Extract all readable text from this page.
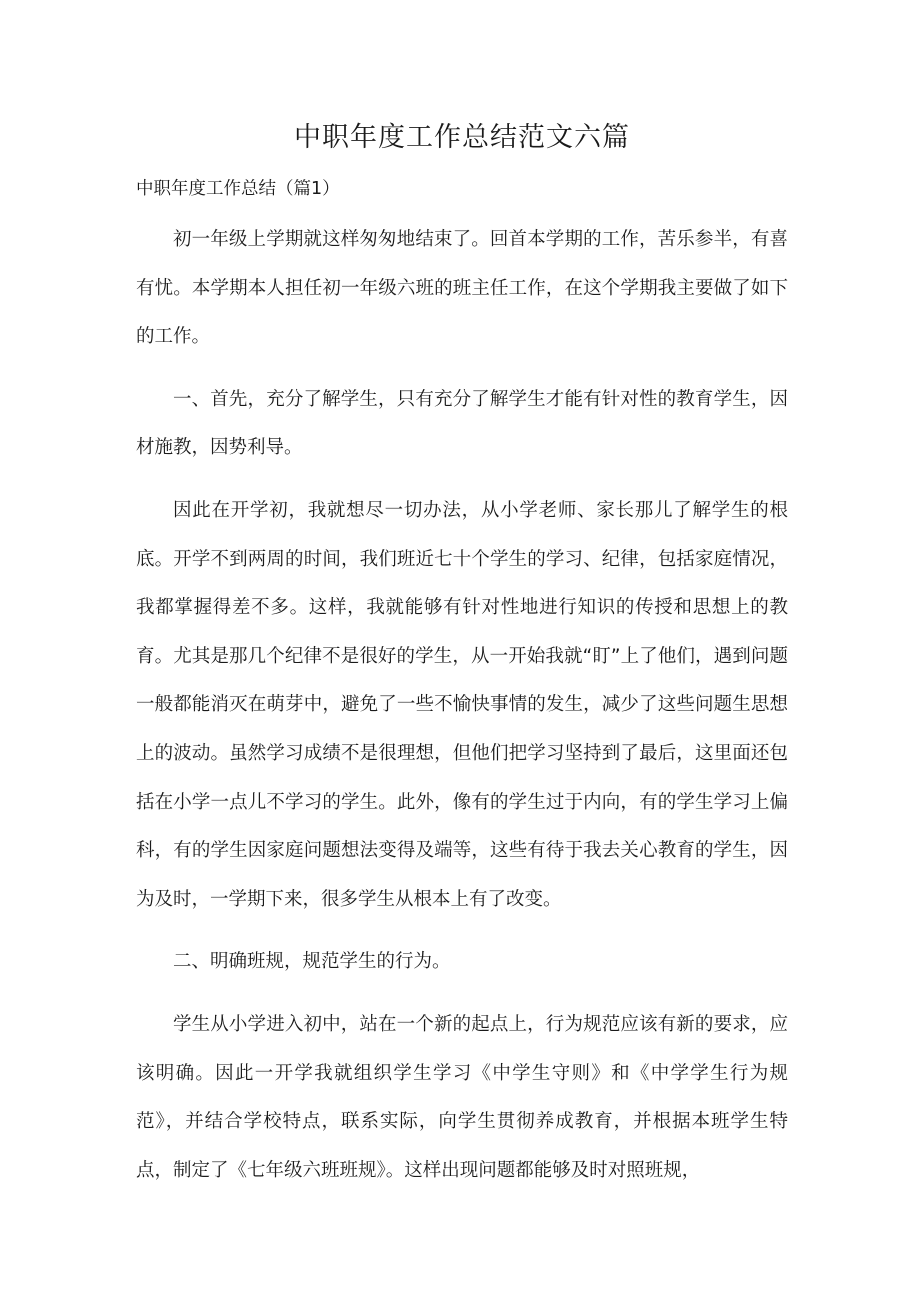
中职年度工作总结范文六篇
中职年度工作总结（篇1）

初一年级上学期就这样匆匆地结束了。回首本学期的工作，苦乐参半，有喜有忧。本学期本人担任初一年级六班的班主任工作，在这个学期我主要做了如下的工作。

一、首先，充分了解学生，只有充分了解学生才能有针对性的教育学生，因材施教，因势利导。

因此在开学初，我就想尽一切办法，从小学老师、家长那儿了解学生的根底。开学不到两周的时间，我们班近七十个学生的学习、纪律，包括家庭情况，我都掌握得差不多。这样，我就能够有针对性地进行知识的传授和思想上的教育。尤其是那几个纪律不是很好的学生，从一开始我就“盯”上了他们，遇到问题一般都能消灭在萌芽中，避免了一些不愉快事情的发生，减少了这些问题生思想上的波动。虽然学习成绩不是很理想，但他们把学习坚持到了最后，这里面还包括在小学一点儿不学习的学生。此外，像有的学生过于内向，有的学生学习上偏科，有的学生因家庭问题想法变得及端等，这些有待于我去关心教育的学生，因为及时，一学期下来，很多学生从根本上有了改变。

二、明确班规，规范学生的行为。

学生从小学进入初中，站在一个新的起点上，行为规范应该有新的要求，应该明确。因此一开学我就组织学生学习《中学生守则》和《中学学生行为规范》，并结合学校特点，联系实际，向学生贯彻养成教育，并根据本班学生特点，制定了《七年级六班班规》。这样出现问题都能够及时对照班规，
